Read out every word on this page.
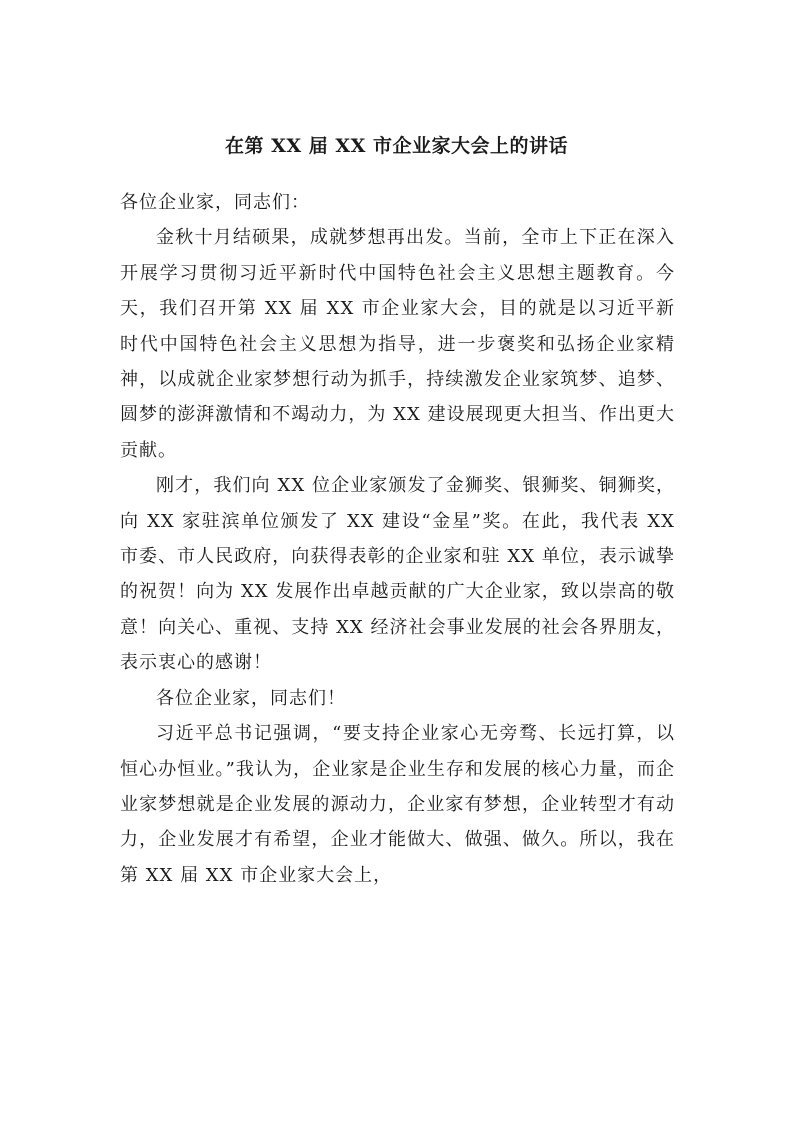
在第 XX 届 XX 市企业家大会上的讲话

各位企业家，同志们：

金秋十月结硕果，成就梦想再出发。当前，全市上下正在深入开展学习贯彻习近平新时代中国特色社会主义思想主题教育。今天，我们召开第 XX 届 XX 市企业家大会，目的就是以习近平新时代中国特色社会主义思想为指导，进一步褒奖和弘扬企业家精神，以成就企业家梦想行动为抓手，持续激发企业家筑梦、追梦、圆梦的澎湃激情和不竭动力，为 XX 建设展现更大担当、作出更大贡献。

刚才，我们向 XX 位企业家颁发了金狮奖、银狮奖、铜狮奖，向 XX 家驻滨单位颁发了 XX 建设“金星”奖。在此，我代表 XX 市委、市人民政府，向获得表彰的企业家和驻 XX 单位，表示诚挚的祝贺！向为 XX 发展作出卓越贡献的广大企业家，致以崇高的敬意！向关心、重视、支持 XX 经济社会事业发展的社会各界朋友，表示衷心的感谢！

各位企业家，同志们！

习近平总书记强调，“要支持企业家心无旁骛、长远打算，以恒心办恒业。”我认为，企业家是企业生存和发展的核心力量，而企业家梦想就是企业发展的源动力，企业家有梦想，企业转型才有动力，企业发展才有希望，企业才能做大、做强、做久。所以，我在第 XX 届 XX 市企业家大会上，
